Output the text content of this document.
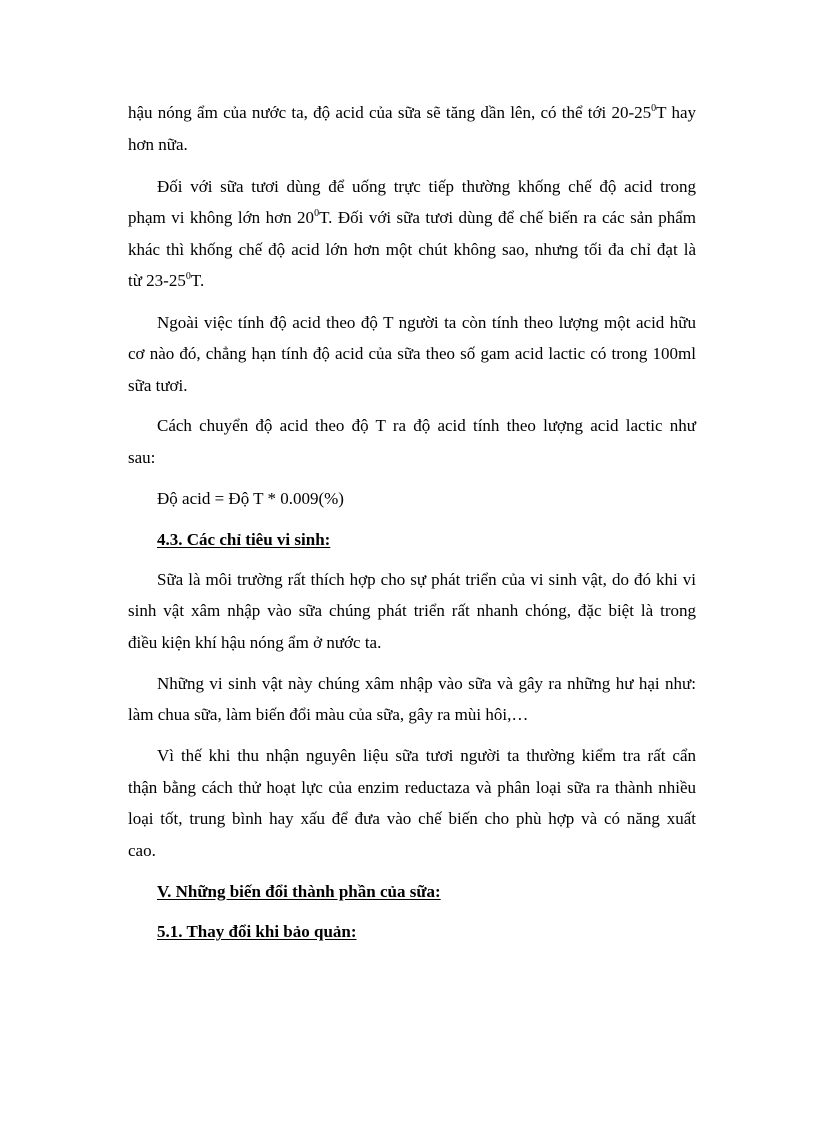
hậu nóng ẩm của nước ta, độ acid của sữa sẽ tăng dần lên, có thể tới $20-25^0T$ hay
hơn nữa.
Đối với sữa tươi dùng để uống trực tiếp thường khống chế độ acid trong
phạm vi không lớn hơn $20^0T$. Đối với sữa tươi dùng để chế biến ra các sản phẩm
khác thì khống chế độ acid lớn hơn một chút không sao, nhưng tối đa chỉ đạt là
từ $23-25^0T$.
Ngoài việc tính độ acid theo độ T người ta còn tính theo lượng một acid hữu
cơ nào đó, chẳng hạn tính độ acid của sữa theo số gam acid lactic có trong 100ml
sữa tươi.
Cách chuyển độ acid theo độ T ra độ acid tính theo lượng acid lactic như
sau:
Độ acid = Độ T * 0.009(%)
4.3. Các chỉ tiêu vi sinh:
Sữa là môi trường rất thích hợp cho sự phát triển của vi sinh vật, do đó khi vi
sinh vật xâm nhập vào sữa chúng phát triển rất nhanh chóng, đặc biệt là trong
điều kiện khí hậu nóng ẩm ở nước ta.
Những vi sinh vật này chúng xâm nhập vào sữa và gây ra những hư hại như:
làm chua sữa, làm biến đổi màu của sữa, gây ra mùi hôi,…
Vì thế khi thu nhận nguyên liệu sữa tươi người ta thường kiểm tra rất cẩn
thận bằng cách thử hoạt lực của enzim reductaza và phân loại sữa ra thành nhiều
loại tốt, trung bình hay xấu để đưa vào chế biến cho phù hợp và có năng xuất
cao.
V. Những biến đổi thành phần của sữa:
5.1. Thay đổi khi bảo quản:
